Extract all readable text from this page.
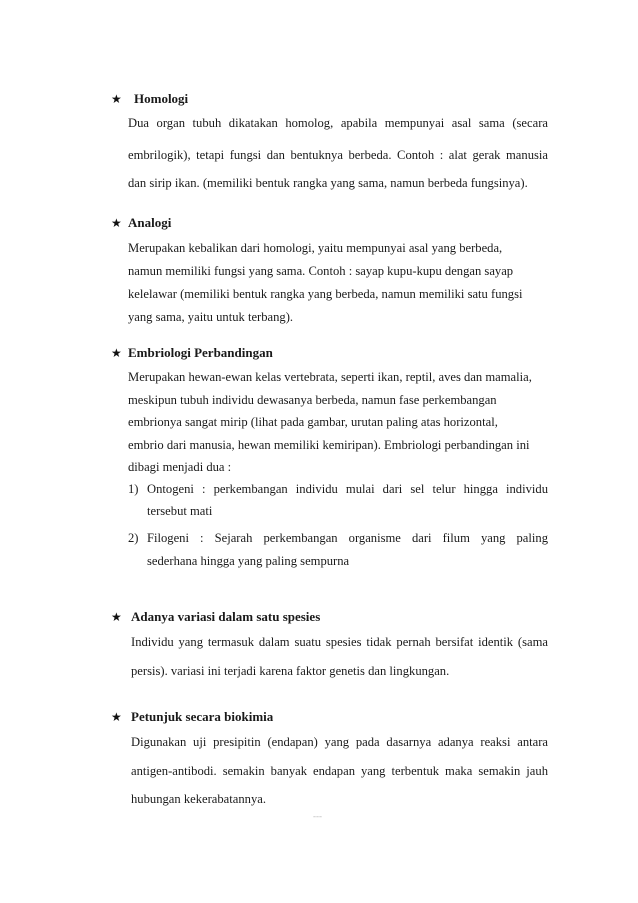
★ Homologi
Dua organ tubuh dikatakan homolog, apabila mempunyai asal sama (secara
embrilogik), tetapi fungsi dan bentuknya berbeda. Contoh : alat gerak manusia
dan sirip ikan. (memiliki bentuk rangka yang sama, namun berbeda fungsinya).
★ Analogi
Merupakan kebalikan dari homologi, yaitu mempunyai asal yang berbeda,
namun memiliki fungsi yang sama. Contoh : sayap kupu-kupu dengan sayap
kelelawar (memiliki bentuk rangka yang berbeda, namun memiliki satu fungsi
yang sama, yaitu untuk terbang).
★ Embriologi Perbandingan
Merupakan hewan-ewan kelas vertebrata, seperti ikan, reptil, aves dan mamalia,
meskipun tubuh individu dewasanya berbeda, namun fase perkembangan
embrionya sangat mirip (lihat pada gambar, urutan paling atas horizontal,
embrio dari manusia, hewan memiliki kemiripan). Embriologi perbandingan ini
dibagi menjadi dua :
1) Ontogeni : perkembangan individu mulai dari sel telur hingga individu
tersebut mati
2) Filogeni : Sejarah perkembangan organisme dari filum yang paling
sederhana hingga yang paling sempurna
★ Adanya variasi dalam satu spesies
Individu yang termasuk dalam suatu spesies tidak pernah bersifat identik (sama
persis). variasi ini terjadi karena faktor genetis dan lingkungan.
★ Petunjuk secara biokimia
Digunakan uji presipitin (endapan) yang pada dasarnya adanya reaksi antara
antigen-antibodi. semakin banyak endapan yang terbentuk maka semakin jauh
hubungan kekerabatannya.
---
